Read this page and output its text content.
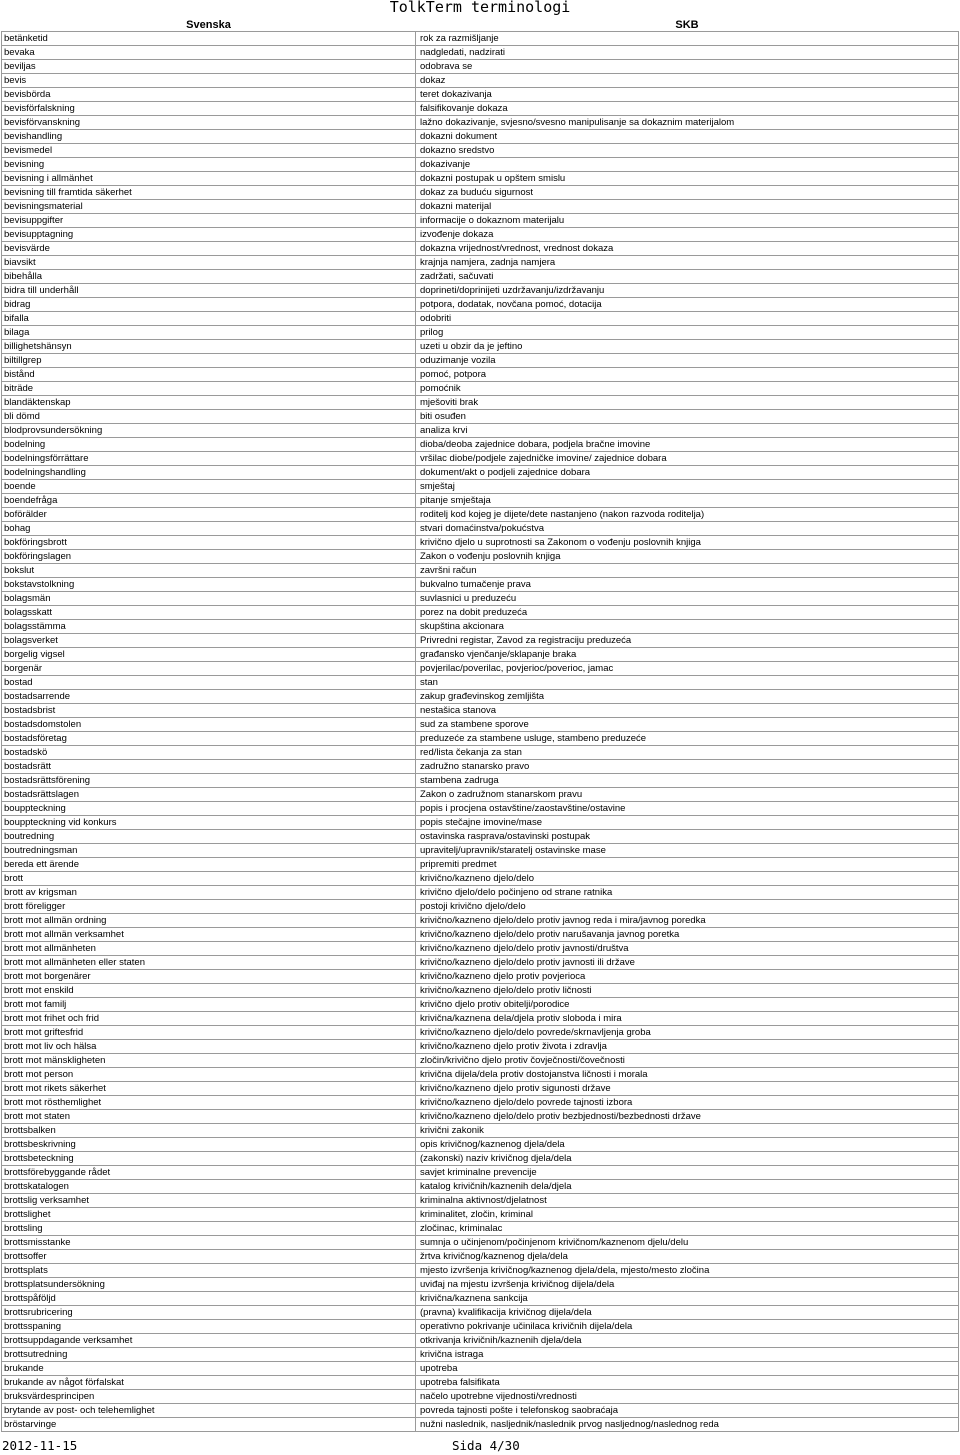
TolkTerm terminologi
Svenska	SKB
betänketid	rok za razmišljanje
bevaka	nadgledati, nadzirati
beviljas	odobrava se
bevis	dokaz
bevisbörda	teret dokazivanja
bevisförfalskning	falsifikovanje dokaza
bevisförvanskning	lažno dokazivanje, svjesno/svesno manipulisanje sa dokaznim materijalom
bevishandling	dokazni dokument
bevismedel	dokazno sredstvo
bevisning	dokazivanje
bevisning i allmänhet	dokazni postupak u opštem smislu
bevisning till framtida säkerhet	dokaz za buduću sigurnost
bevisningsmaterial	dokazni materijal
bevisuppgifter	informacije o dokaznom materijalu
bevisupptagning	izvođenje dokaza
bevisvärde	dokazna vrijednost/vrednost, vrednost dokaza
biavsikt	krajnja namjera, zadnja namjera
bibehålla	zadržati, sačuvati
bidra till underhåll	doprineti/doprinijeti uzdržavanju/izdržavanju
bidrag	potpora, dodatak, novčana pomoć, dotacija
bifalla	odobriti
bilaga	prilog
billighetshänsyn	uzeti u obzir da je jeftino
biltillgrep	oduzimanje vozila
bistånd	pomoć, potpora
biträde	pomoćnik
blandäktenskap	mješoviti brak
bli dömd	biti osuđen
blodprovsundersökning	analiza krvi
bodelning	dioba/deoba zajednice dobara, podjela bračne imovine
bodelningsförrättare	vršilac diobe/podjele zajedničke imovine/ zajednice dobara
bodelningshandling	dokument/akt o podjeli zajednice dobara
boende	smještaj
boendefråga	pitanje smještaja
boförälder	roditelj kod kojeg je dijete/dete nastanjeno (nakon razvoda roditelja)
bohag	stvari domaćinstva/pokućstva
bokföringsbrott	krivično djelo u suprotnosti sa Zakonom o vođenju poslovnih knjiga
bokföringslagen	Zakon o vođenju poslovnih knjiga
bokslut	završni račun
bokstavstolkning	bukvalno tumačenje prava
bolagsmän	suvlasnici u preduzeću
bolagsskatt	porez na dobit preduzeća
bolagsstämma	skupština akcionara
bolagsverket	Privredni registar, Zavod za registraciju preduzeća
borgelig vigsel	građansko vjenčanje/sklapanje braka
borgenär	povjerilac/poverilac, povjerioc/poverioc, jamac
bostad	stan
bostadsarrende	zakup građevinskog zemljišta
bostadsbrist	nestašica stanova
bostadsdomstolen	sud za stambene sporove
bostadsföretag	preduzeće za stambene usluge, stambeno preduzeće
bostadskö	red/lista čekanja za stan
bostadsrätt	zadružno stanarsko pravo
bostadsrättsförening	stambena zadruga
bostadsrättslagen	Zakon o zadružnom stanarskom pravu
bouppteckning	popis i procjena ostavštine/zaostavštine/ostavine
bouppteckning vid konkurs	popis stečajne imovine/mase
boutredning	ostavinska rasprava/ostavinski postupak
boutredningsman	upravitelj/upravnik/staratelj ostavinske mase
bereda ett ärende	pripremiti predmet
brott	krivično/kazneno djelo/delo
brott av krigsman	krivično djelo/delo počinjeno od strane ratnika
brott föreligger	postoji krivično djelo/delo
brott mot allmän ordning	krivično/kazneno djelo/delo protiv javnog reda i mira/javnog poredka
brott mot allmän verksamhet	krivično/kazneno djelo/delo protiv narušavanja javnog poretka
brott mot allmänheten	krivično/kazneno djelo/delo protiv javnosti/društva
brott mot allmänheten eller staten	krivično/kazneno djelo/delo protiv javnosti ili države
brott mot borgenärer	krivično/kazneno djelo protiv povjerioca
brott mot enskild	krivično/kazneno djelo/delo protiv ličnosti
brott mot familj	krivično djelo protiv obitelji/porodice
brott mot frihet och frid	krivična/kaznena dela/djela protiv sloboda i mira
brott mot griftesfrid	krivično/kazneno djelo/delo povrede/skrnavljenja groba
brott mot liv och hälsa	krivično/kazneno djelo protiv života i zdravlja
brott mot mänskligheten	zločin/krivično djelo protiv čovječnosti/čovečnosti
brott mot person	krivična dijela/dela protiv dostojanstva ličnosti i morala
brott mot rikets säkerhet	krivično/kazneno djelo protiv sigunosti države
brott mot rösthemlighet	krivično/kazneno djelo/delo povrede tajnosti izbora
brott mot staten	krivično/kazneno djelo/delo protiv bezbjednosti/bezbednosti države
brottsbalken	krivični zakonik
brottsbeskrivning	opis krivičnog/kaznenog djela/dela
brottsbeteckning	(zakonski) naziv krivičnog djela/dela
brottsförebyggande rådet	savjet kriminalne prevencije
brottskatalogen	katalog krivičnih/kaznenih dela/djela
brottslig verksamhet	kriminalna aktivnost/djelatnost
brottslighet	kriminalitet, zločin, kriminal
brottsling	zločinac, kriminalac
brottsmisstanke	sumnja o učinjenom/počinjenom krivičnom/kaznenom djelu/delu
brottsoffer	žrtva krivičnog/kaznenog djela/dela
brottsplats	mjesto izvršenja krivičnog/kaznenog djela/dela, mjesto/mesto zločina
brottsplatsundersökning	uviđaj na mjestu izvršenja krivičnog dijela/dela
brottspåföljd	krivična/kaznena sankcija
brottsrubricering	(pravna) kvalifikacija krivičnog dijela/dela
brottsspaning	operativno pokrivanje učinilaca krivičnih dijela/dela
brottsuppdagande verksamhet	otkrivanja krivičnih/kaznenih djela/dela
brottsutredning	krivična istraga
brukande	upotreba
brukande av något förfalskat	upotreba falsifikata
bruksvärdesprincipen	načelo upotrebne vijednosti/vrednosti
brytande av post- och telehemlighet	povreda tajnosti pošte i telefonskog saobraćaja
bröstarvinge	nužni naslednik, nasljednik/naslednik prvog nasljednog/naslednog reda
2012-11-15	Sida 4/30
